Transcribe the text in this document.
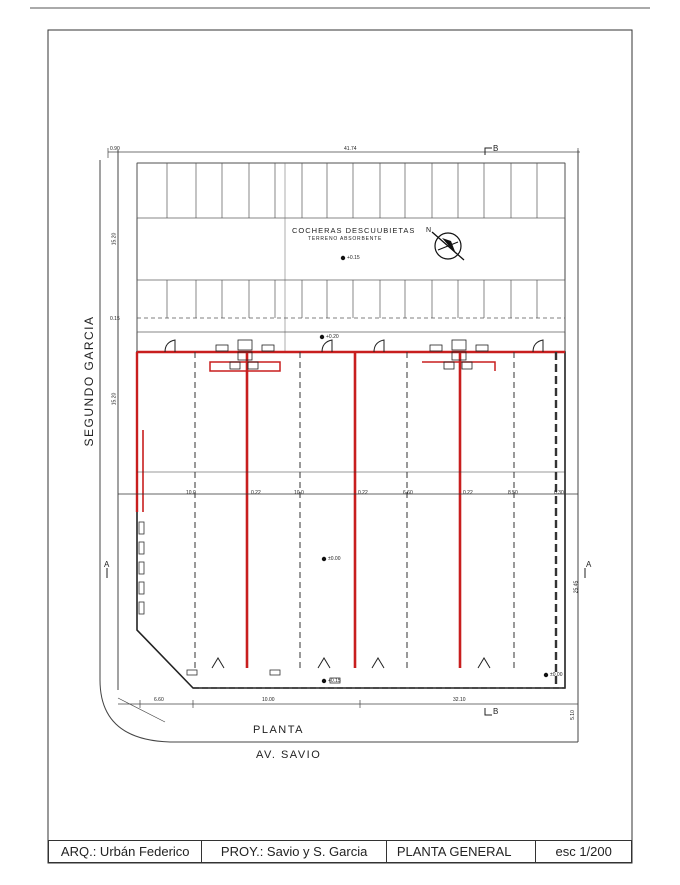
N
SEGUNDO GARCIA
AV. SAVIO
PLANTA
COCHERAS DESCUUBIETAS
TERRENO ABSORBENTE
B
B
A	A
41.74
0.90
15.20
15.20
0.15
6.60	10.00	32.10
25.45
5.10
10.0	0.22	10.0	0.22	6.60	0.22	8.50	0.30
+0.15
+0.20
±0.00
+0.15
±0.00
ARQ.: Urbán Federico	PROY.: Savio y S. Garcia	PLANTA GENERAL	esc 1/200
